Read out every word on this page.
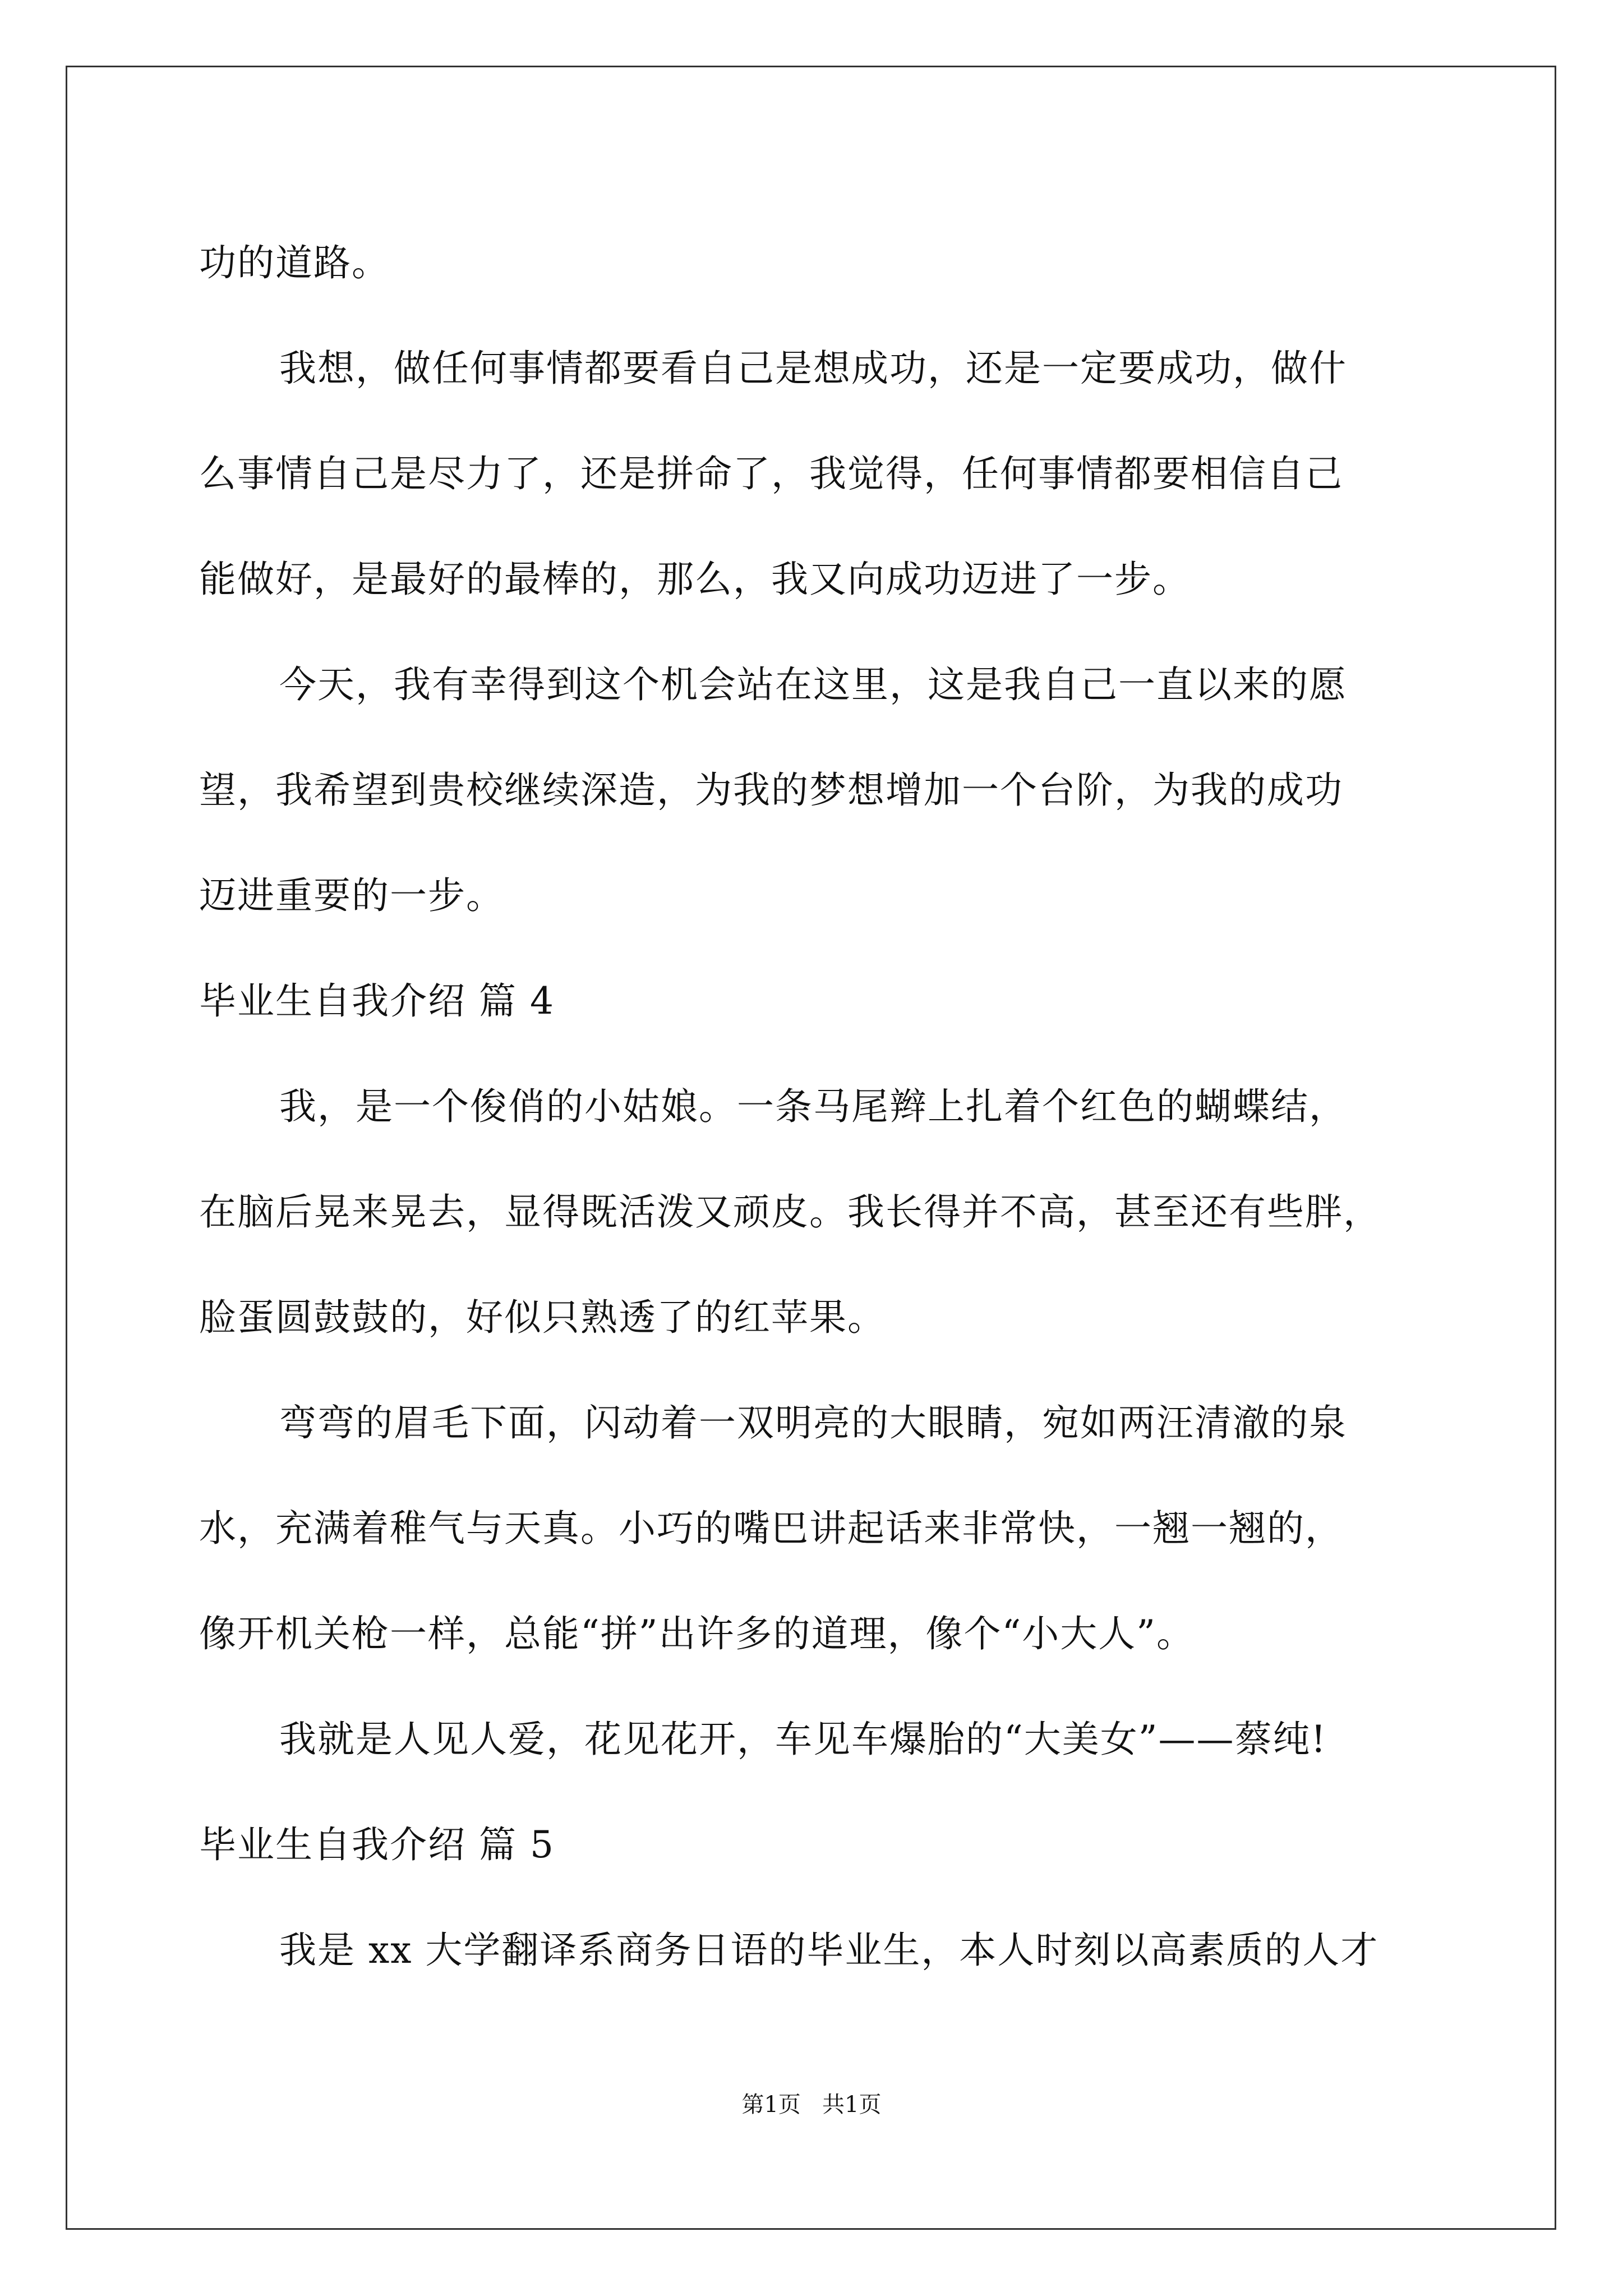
功的道路。
我想，做任何事情都要看自己是想成功，还是一定要成功，做什
么事情自己是尽力了，还是拼命了，我觉得，任何事情都要相信自己
能做好，是最好的最棒的，那么，我又向成功迈进了一步。
今天，我有幸得到这个机会站在这里，这是我自己一直以来的愿
望，我希望到贵校继续深造，为我的梦想增加一个台阶，为我的成功
迈进重要的一步。
毕业生自我介绍 篇 4
我，是一个俊俏的小姑娘。一条马尾辫上扎着个红色的蝴蝶结，
在脑后晃来晃去，显得既活泼又顽皮。我长得并不高，甚至还有些胖，
脸蛋圆鼓鼓的，好似只熟透了的红苹果。
弯弯的眉毛下面，闪动着一双明亮的大眼睛，宛如两汪清澈的泉
水，充满着稚气与天真。小巧的嘴巴讲起话来非常快，一翘一翘的，
像开机关枪一样，总能“拼”出许多的道理，像个“小大人”。
我就是人见人爱，花见花开，车见车爆胎的“大美女”——蔡纯!
毕业生自我介绍 篇 5
我是 xx 大学翻译系商务日语的毕业生，本人时刻以高素质的人才
第1页   共1页
